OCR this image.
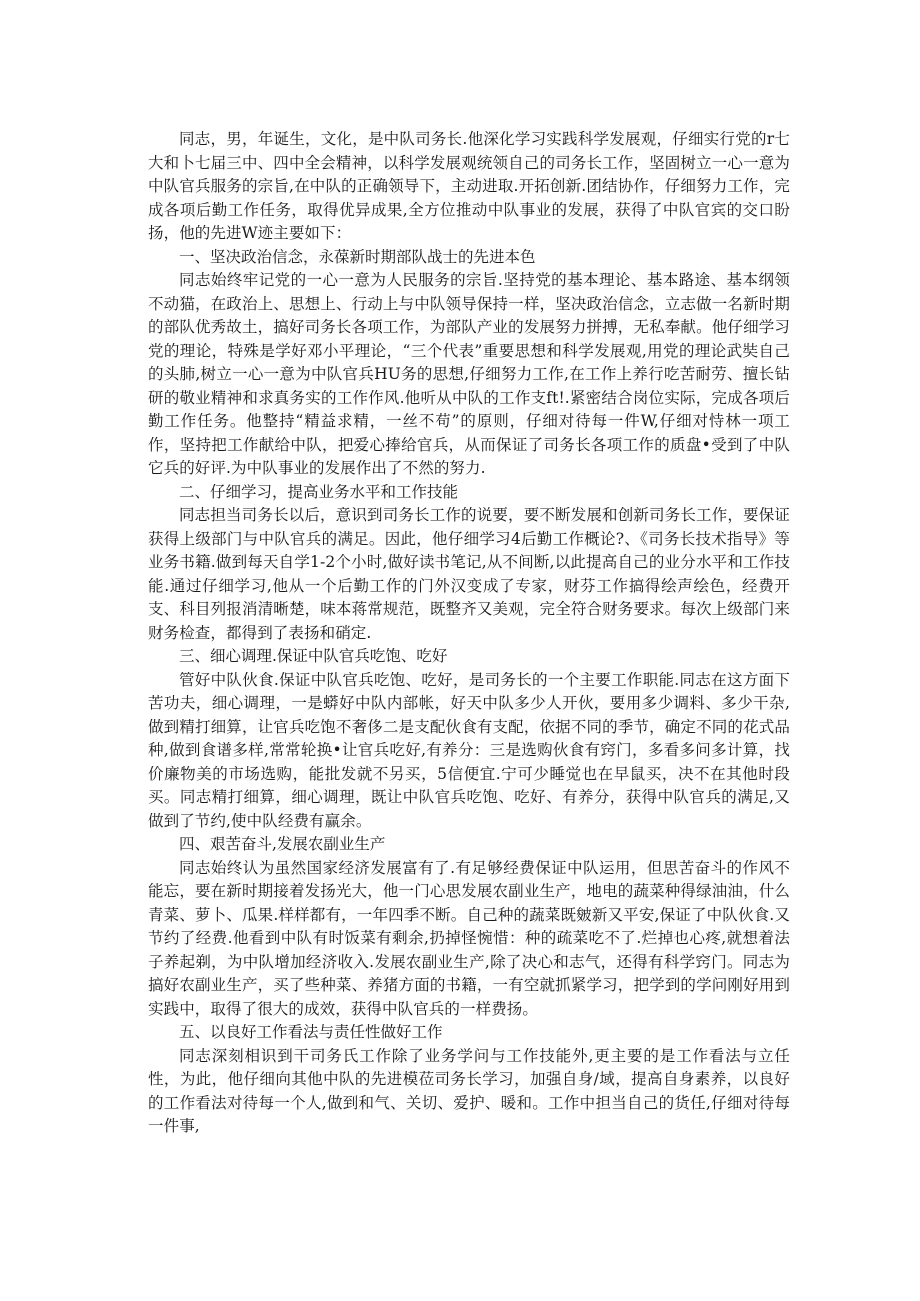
同志，男，年诞生，文化，是中队司务长.他深化学习实践科学发展观，仔细实行党的r七大和卜七届三中、四中全会精神，以科学发展观统领自己的司务长工作，坚固树立一心一意为中队官兵服务的宗旨,在中队的正确领导下，主动进取.开拓创新.团结协作，仔细努力工作，完成各项后勤工作任务，取得优异成果,全方位推动中队事业的发展，获得了中队官宾的交口盼扬，他的先进W迹主要如下：

一、坚决政治信念，永葆新时期部队战士的先进本色

同志始终牢记党的一心一意为人民服务的宗旨.坚持党的基本理论、基本路途、基本纲领不动猫，在政治上、思想上、行动上与中队领导保持一样，坚决政治信念，立志做一名新时期的部队优秀故土，搞好司务长各项工作，为部队产业的发展努力拼搏，无私奉献。他仔细学习党的理论，特殊是学好邓小平理论，“三个代表”重要思想和科学发展观,用党的理论武奘自己的头肺,树立一心一意为中队官兵HU务的思想,仔细努力工作,在工作上养行吃苦耐劳、擅长钻研的敬业精神和求真务实的工作作风.他听从中队的工作支ft!.紧密结合岗位实际，完成各项后勤工作任务。他整持“精益求精，一丝不苟”的原则，仔细对待每一件W,仔细对恃林一项工作，坚持把工作献给中队，把爱心捧给官兵，从而保证了司务长各项工作的质盘•受到了中队它兵的好评.为中队事业的发展作出了不然的努力.

二、仔细学习，提高业务水平和工作技能

同志担当司务长以后，意识到司务长工作的说要，要不断发展和创新司务长工作，要保证获得上级部门与中队官兵的满足。因此，他仔细学习4后勤工作概论?、《司务长技术指导》等业务书籍.做到每天自学1-2个小时,做好读书笔记,从不间断,以此提高自己的业分水平和工作技能.通过仔细学习,他从一个后勤工作的门外汉变成了专家，财芬工作搞得绘声绘色，经费开支、科目列报消清晰楚，味本蒋常规范，既整齐又美观，完全符合财务要求。每次上级部门来财务检查，都得到了表扬和硝定.

三、细心调理.保证中队官兵吃饱、吃好

管好中队伙食.保证中队官兵吃饱、吃好，是司务长的一个主要工作职能.同志在这方面下苦功夫，细心调理，一是蟒好中队内部帐，好天中队多少人开伙，要用多少调料、多少干杂,做到精打细算，让官兵吃饱不奢侈二是支配伙食有支配，依据不同的季节，确定不同的花式品种,做到食谱多样,常常轮换•让官兵吃好,有养分：三是选购伙食有窍门，多看多问多计算，找价廉物美的市场选购，能批发就不另买，5信便宜.宁可少睡觉也在早鼠买，决不在其他时段买。同志精打细算，细心调理，既让中队官兵吃饱、吃好、有养分，获得中队官兵的满足,又做到了节约,使中队经费有赢余。

四、艰苦奋斗,发展农副业生产

同志始终认为虽然国家经济发展富有了.有足够经费保证中队运用，但思苦奋斗的作风不能忘，要在新时期接着发扬光大，他一门心思发展农副业生产，地电的蔬菜种得绿油油，什么青菜、萝卜、瓜果.样样都有，一年四季不断。自己种的蔬菜既皴新又平安,保证了中队伙食.又节约了经费.他看到中队有时饭菜有剩余,扔掉怪惋惜：种的疏菜吃不了.烂掉也心疼,就想着法子养起剃，为中队增加经济收入.发展农副业生产,除了决心和志气，还得有科学窍门。同志为搞好农副业生产，买了些种菜、养猪方面的书籍，一有空就抓紧学习，把学到的学问刚好用到实践中，取得了很大的成效，获得中队官兵的一样费扬。

五、以良好工作看法与责任性做好工作

同志深刻相识到干司务氏工作除了业务学问与工作技能外,更主要的是工作看法与立任性，为此，他仔细向其他中队的先进模莅司务长学习，加强自身/域，提高自身素养，以良好的工作看法对待每一个人,做到和气、关切、爱护、暖和。工作中担当自己的货任,仔细对待每一件事,
